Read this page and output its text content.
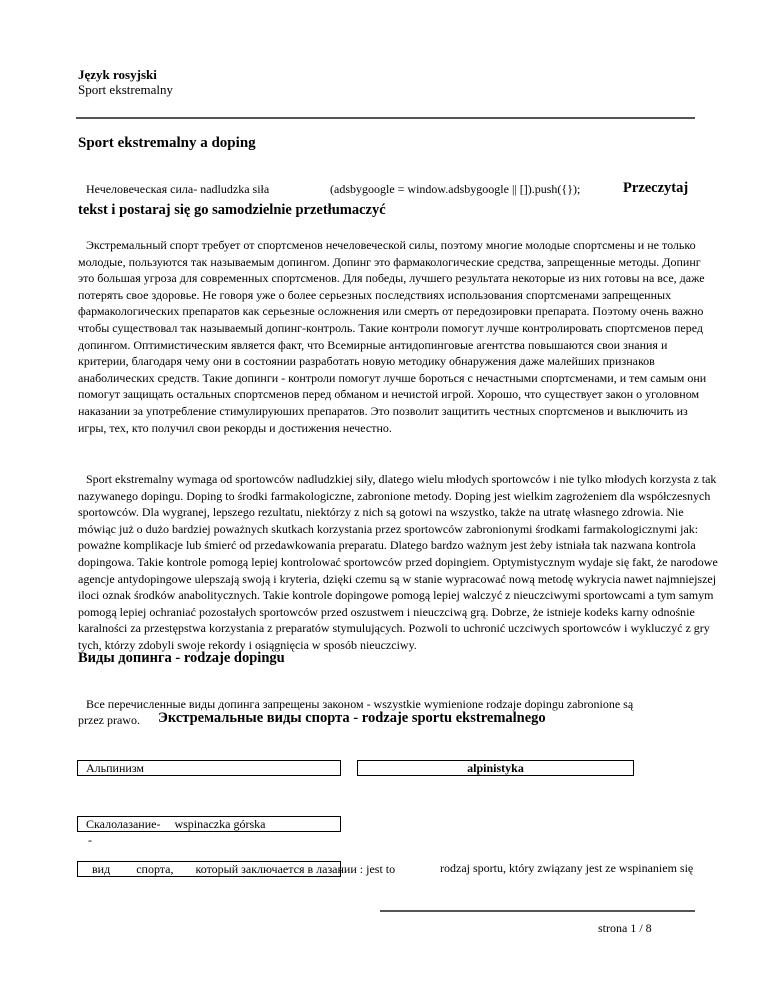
Język rosyjski
Sport ekstremalny
Sport ekstremalny a doping
Нечеловеческая сила- nadludzka siła	(adsbygoogle = window.adsbygoogle || []).push({});	Przeczytaj
tekst i postaraj się go samodzielnie przetłumaczyć

Экстремальный спорт требует от спортсменов нечеловеческой силы, поэтому многие молодые спортсмены и не только молодые, пользуются так называемым допингом. Допинг это фармакологические средства, запрещенные методы. Допинг это большая угроза для современных спортсменов. Для победы, лучшего результата некоторые из них готовы на все, даже потерять свое здоровье. Не говоря уже о более серьезных последствиях использования спортсменами запрещенных фармакологических препаратов как серьезные осложнения или смерть от передозировки препарата. Поэтому очень важно чтобы существовал так называемый допинг-контроль. Такие контроли помогут лучше контролировать спортсменов перед допингом. Оптимистическим является факт, что Всемирные антидопинговые агентства повышаются свои знания и критерии, благодаря чему они в состоянии разработать новую методику обнаружения даже малейших признаков анаболических средств. Такие допинги - контроли помогут лучше бороться с нечастными спортсменами, и тем самым они помогут защищать остальных спортсменов перед обманом и нечистой игрой. Хорошо, что существует закон о уголовном наказании за употребление стимулируюших препаратов. Это позволит защитить честных спортсменов и выключить из игры, тех, кто получил свои рекорды и достижения нечестно.

Sport ekstremalny wymaga od sportowców nadludzkiej siły, dlatego wielu młodych sportowców i nie tylko młodych korzysta z tak nazywanego dopingu. Doping to środki farmakologiczne, zabronione metody. Doping jest wielkim zagrożeniem dla współczesnych sportowców. Dla wygranej, lepszego rezultatu, niektórzy z nich są gotowi na wszystko, także na utratę własnego zdrowia. Nie mówiąc już o dużo bardziej poważnych skutkach korzystania przez sportowców zabronionymi środkami farmakologicznymi jak: poważne komplikacje lub śmierć od przedawkowania preparatu. Dlatego bardzo ważnym jest żeby istniała tak nazwana kontrola dopingowa. Takie kontrole pomogą lepiej kontrolować sportowców przed dopingiem. Optymistycznym wydaje się fakt, że narodowe agencje antydopingowe ulepszają swoją i kryteria, dzięki czemu są w stanie wypracować nową metodę wykrycia nawet najmniejszej iloci oznak środków anabolitycznych. Takie kontrole dopingowe pomogą lepiej walczyć z nieuczciwymi sportowcami a tym samym pomogą lepiej ochraniać pozostałych sportowców przed oszustwem i nieuczciwą grą. Dobrze, że istnieje kodeks karny odnośnie karalności za przestępstwa korzystania z preparatów stymulujących. Pozwoli to uchronić uczciwych sportowców i wykluczyć z gry tych, którzy zdobyli swoje rekordy i osiągnięcia w sposób nieuczciwy.

Виды допинга - rodzaje dopingu
Все перечисленные виды допинга запрещены законом - wszystkie wymienione rodzaje dopingu zabronione są
przez prawo. Экстремальные виды спорта - rodzaje sportu ekstremalnego
Альпинизм	alpinistyka
Скалолазание- wspinaczka górska
-
вид спорта, который заключается в лазании : jest to	rodzaj sportu, który związany jest ze wspinaniem się
strona 1 / 8
